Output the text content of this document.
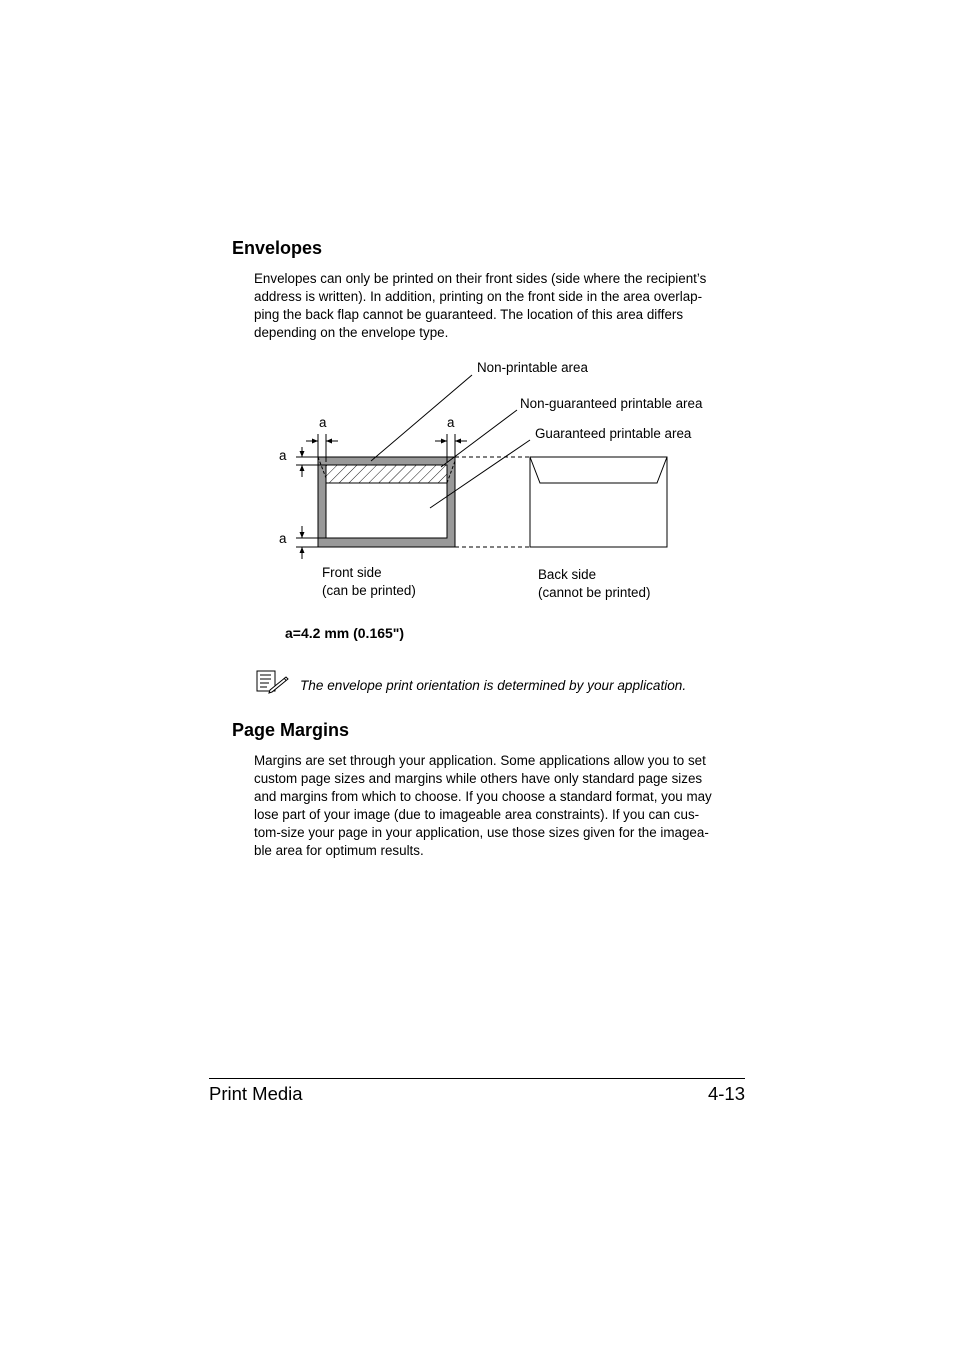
Envelopes
Envelopes can only be printed on their front sides (side where the recipient’s
address is written). In addition, printing on the front side in the area overlap-
ping the back flap cannot be guaranteed. The location of this area differs
depending on the envelope type.
Non-printable area
Non-guaranteed printable area
Guaranteed printable area
a	a
a
a
Front side
(can be printed)
Back side
(cannot be printed)
a=4.2 mm (0.165")
The envelope print orientation is determined by your application.
Page Margins
Margins are set through your application. Some applications allow you to set
custom page sizes and margins while others have only standard page sizes
and margins from which to choose. If you choose a standard format, you may
lose part of your image (due to imageable area constraints). If you can cus-
tom-size your page in your application, use those sizes given for the imagea-
ble area for optimum results.
Print Media	4-13
